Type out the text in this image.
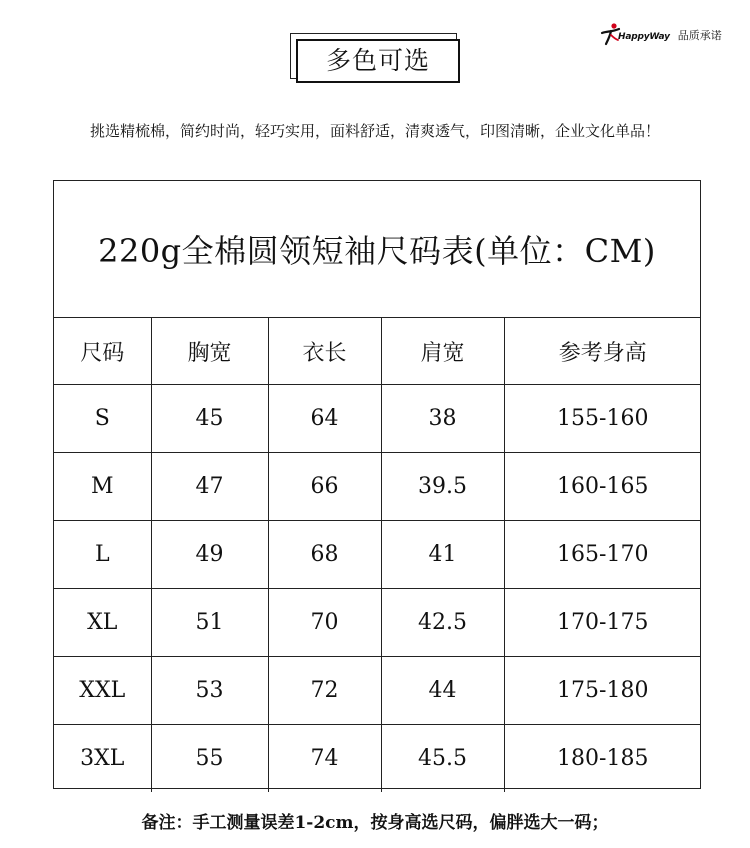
HappyWay 品质承诺
多色可选
挑选精梳棉，简约时尚，轻巧实用，面料舒适，清爽透气，印图清晰，企业文化单品！
220g全棉圆领短袖尺码表(单位：CM)
尺码	胸宽	衣长	肩宽	参考身高
S	45	64	38	155-160
M	47	66	39.5	160-165
L	49	68	41	165-170
XL	51	70	42.5	170-175
XXL	53	72	44	175-180
3XL	55	74	45.5	180-185
备注：手工测量误差1-2cm，按身高选尺码，偏胖选大一码；
